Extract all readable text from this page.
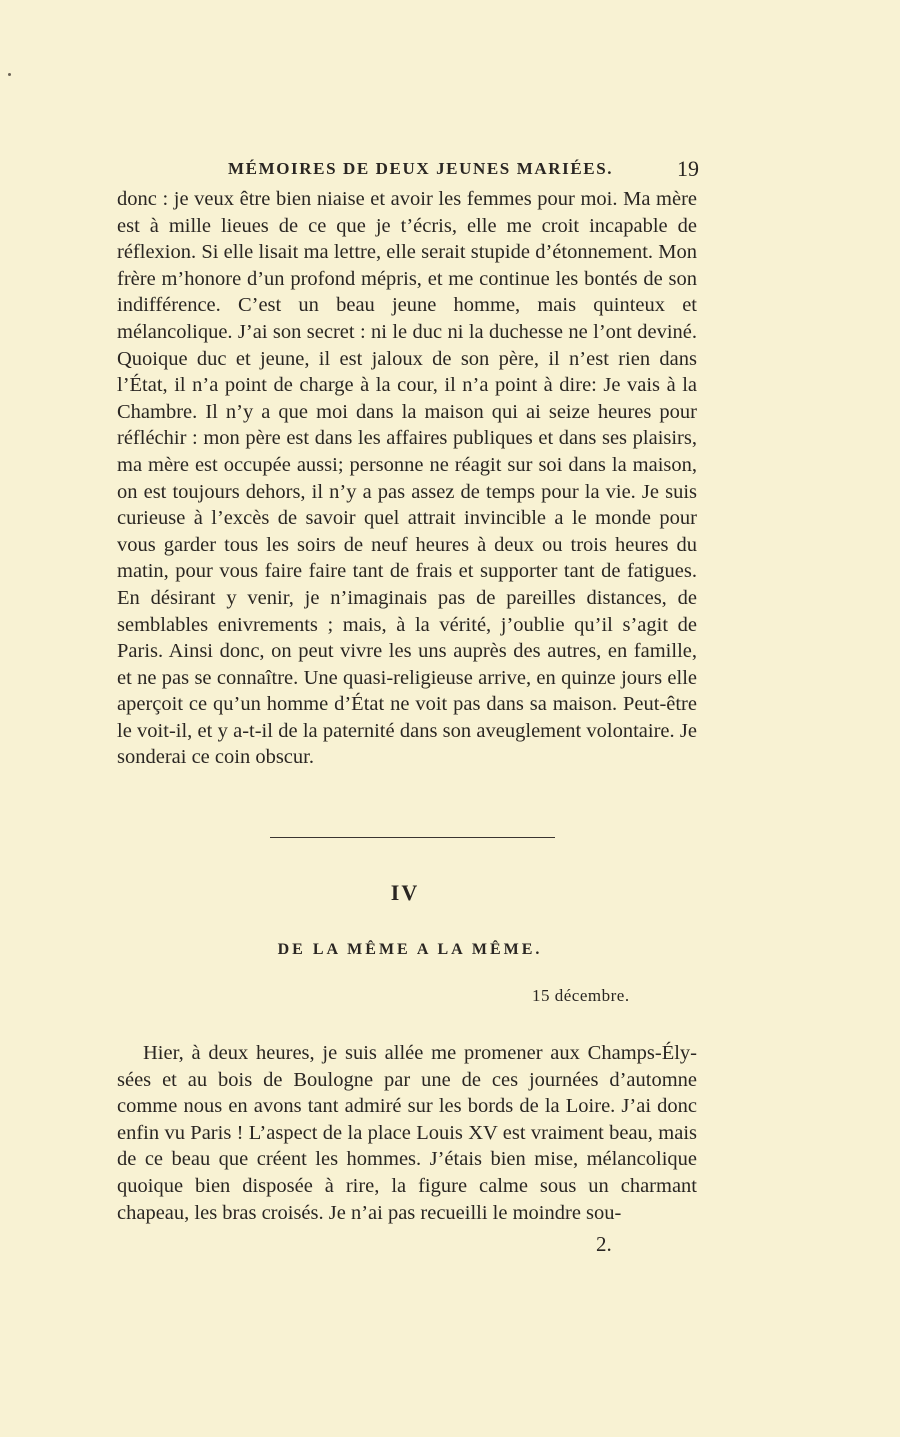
MÉMOIRES DE DEUX JEUNES MARIÉES.	19

donc : je veux être bien niaise et avoir les femmes pour moi. Ma mère est à mille lieues de ce que je t’écris, elle me croit incapable de réflexion. Si elle lisait ma lettre, elle serait stupide d’étonnement. Mon frère m’honore d’un profond mépris, et me continue les bontés de son indifférence. C’est un beau jeune homme, mais quinteux et mélancolique. J’ai son secret : ni le duc ni la duchesse ne l’ont deviné. Quoique duc et jeune, il est jaloux de son père, il n’est rien dans l’État, il n’a point de charge à la cour, il n’a point à dire: Je vais à la Chambre. Il n’y a que moi dans la maison qui ai seize heures pour réfléchir : mon père est dans les affaires publiques et dans ses plaisirs, ma mère est occupée aussi; personne ne réagit sur soi dans la maison, on est toujours dehors, il n’y a pas assez de temps pour la vie. Je suis curieuse à l’excès de savoir quel attrait invincible a le monde pour vous garder tous les soirs de neuf heures à deux ou trois heures du matin, pour vous faire faire tant de frais et supporter tant de fatigues. En désirant y venir, je n’imaginais pas de pareilles distances, de semblables enivrements ; mais, à la vérité, j’oublie qu’il s’agit de Paris. Ainsi donc, on peut vivre les uns auprès des autres, en famille, et ne pas se connaître. Une quasi-religieuse arrive, en quinze jours elle aperçoit ce qu’un homme d’État ne voit pas dans sa maison. Peut-être le voit-il, et y a-t-il de la paternité dans son aveuglement volontaire. Je sonderai ce coin obscur.

IV
DE LA MÊME A LA MÊME.
15 décembre.

Hier, à deux heures, je suis allée me promener aux Champs-Élysées et au bois de Boulogne par une de ces journées d’automne comme nous en avons tant admiré sur les bords de la Loire. J’ai donc enfin vu Paris ! L’aspect de la place Louis XV est vraiment beau, mais de ce beau que créent les hommes. J’étais bien mise, mélancolique quoique bien disposée à rire, la figure calme sous un charmant chapeau, les bras croisés. Je n’ai pas recueilli le moindre sou-

2.
